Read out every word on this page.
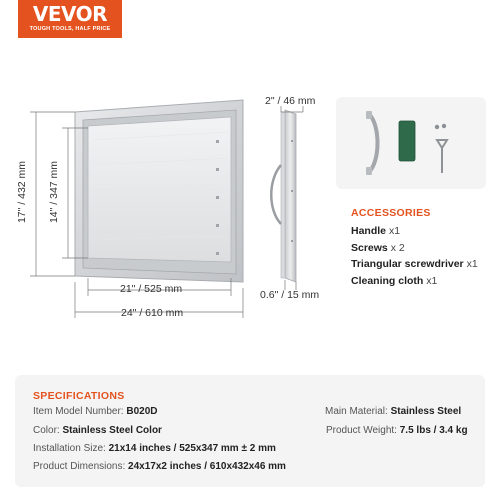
VEVOR
TOUGH TOOLS, HALF PRICE
17" / 432 mm 14" / 347 mm
21" / 525 mm
24" / 610 mm
2" / 46 mm
0.6" / 15 mm
ACCESSORIES
Handle x1
Screws x 2
Triangular screwdriver x1
Cleaning cloth x1
SPECIFICATIONS
Item Model Number: B020D
Color: Stainless Steel Color
Installation Size: 21x14 inches / 525x347 mm ± 2 mm
Product Dimensions: 24x17x2 inches / 610x432x46 mm
Main Material: Stainless Steel
Product Weight: 7.5 lbs / 3.4 kg
